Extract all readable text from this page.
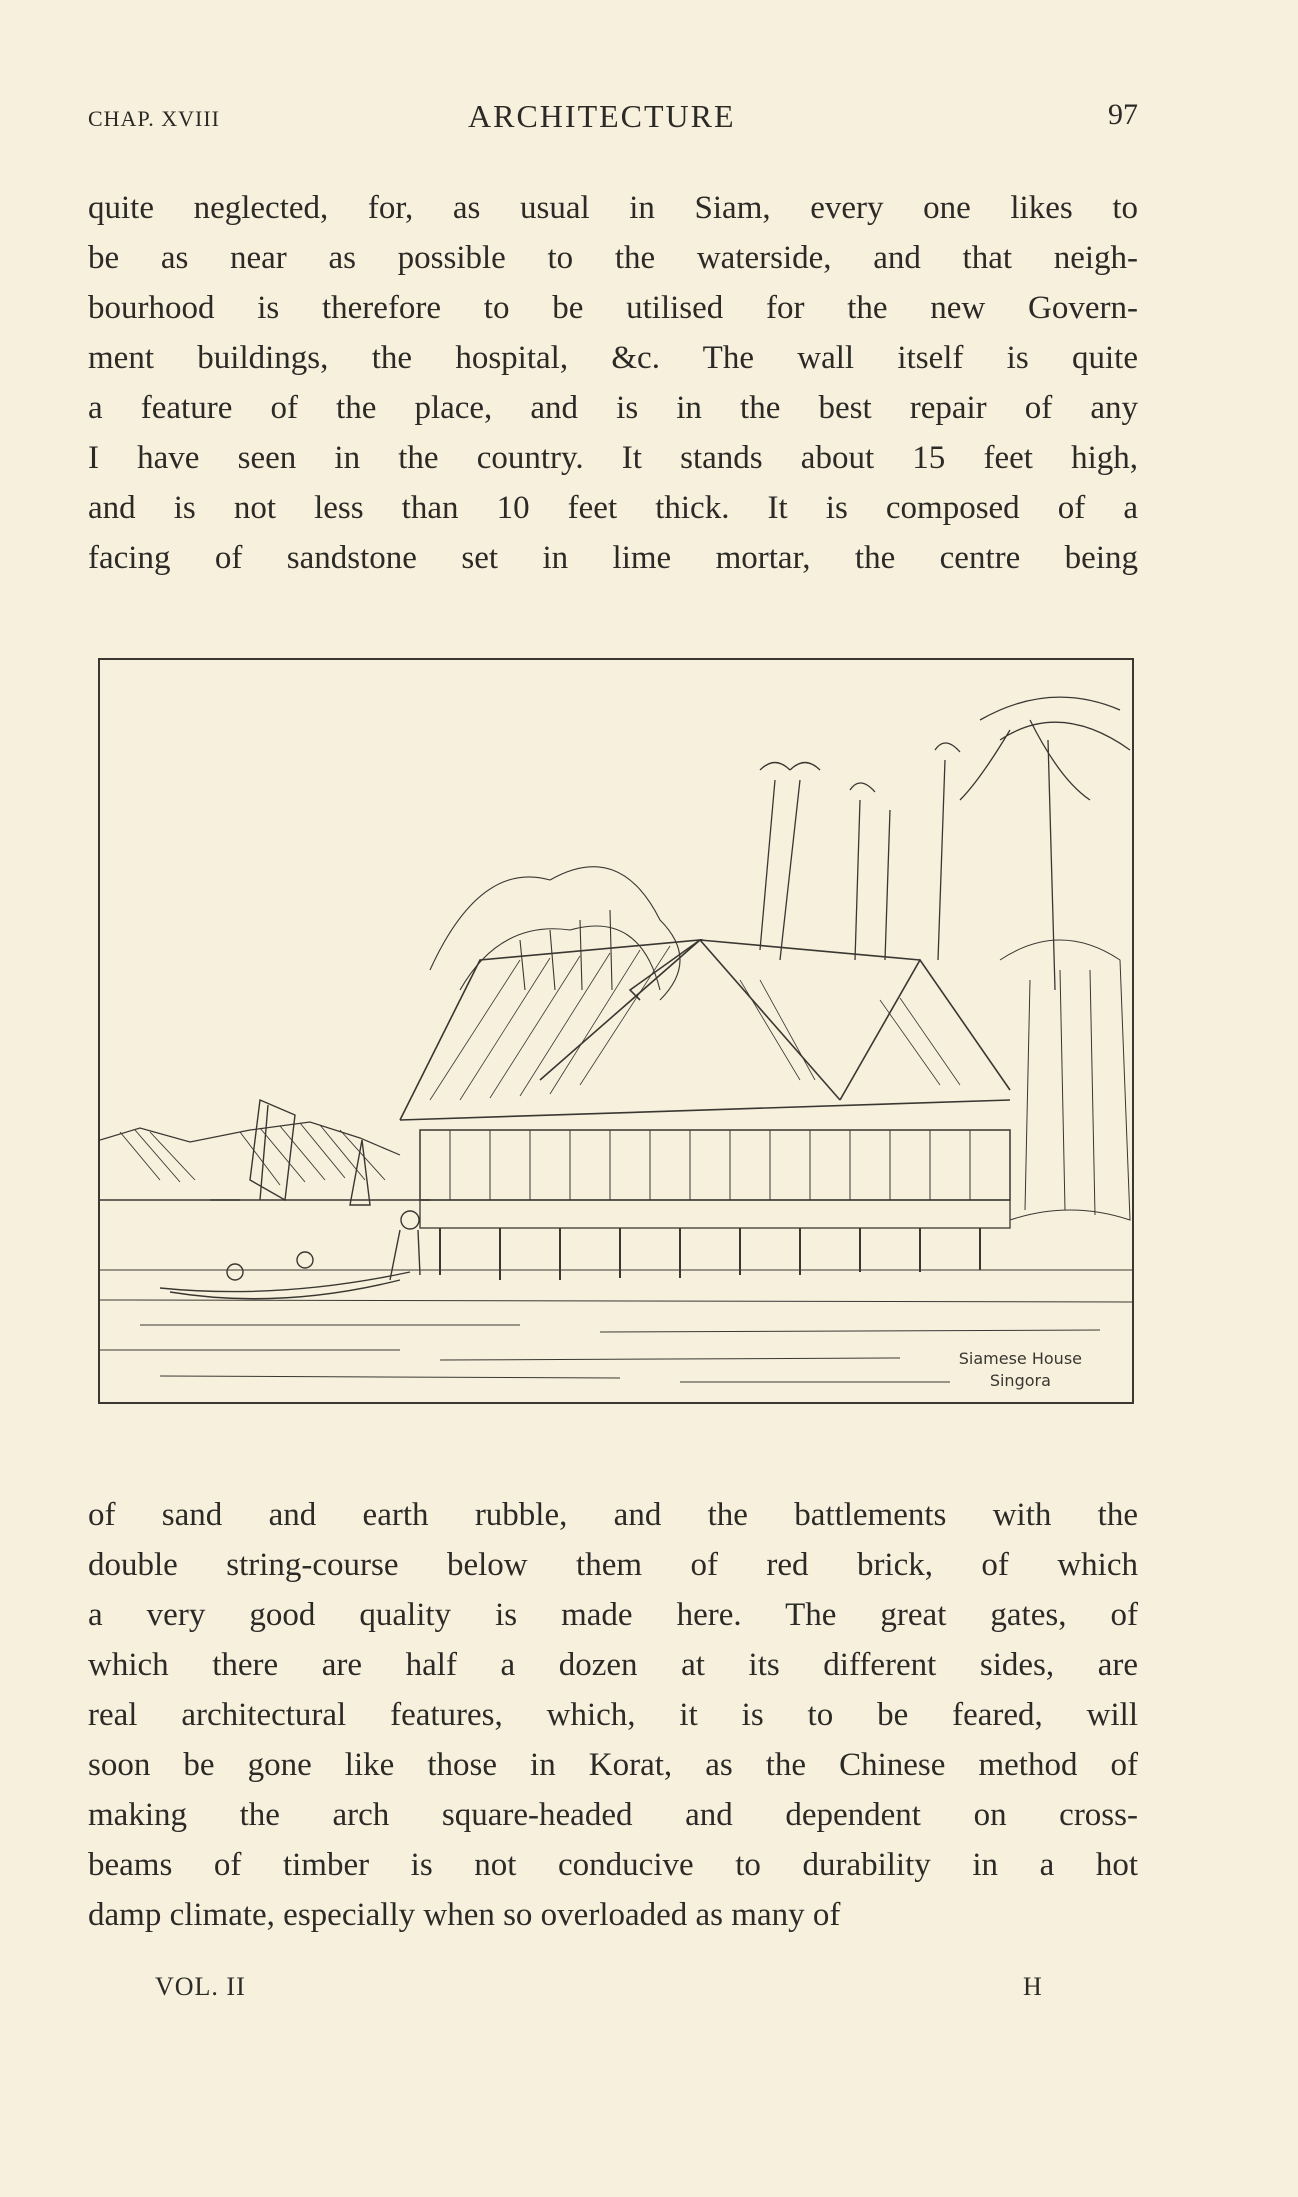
CHAP. XVIII	ARCHITECTURE	97
quite neglected, for, as usual in Siam, every one likes to
be as near as possible to the waterside, and that neigh-
bourhood is therefore to be utilised for the new Govern-
ment buildings, the hospital, &c. The wall itself is quite
a feature of the place, and is in the best repair of any
I have seen in the country. It stands about 15 feet high,
and is not less than 10 feet thick. It is composed of a
facing of sandstone set in lime mortar, the centre being
Siamese House
Singora
of sand and earth rubble, and the battlements with the
double string-course below them of red brick, of which
a very good quality is made here. The great gates, of
which there are half a dozen at its different sides, are
real architectural features, which, it is to be feared, will
soon be gone like those in Korat, as the Chinese method of
making the arch square-headed and dependent on cross-
beams of timber is not conducive to durability in a hot
damp climate, especially when so overloaded as many of
VOL. II	H
